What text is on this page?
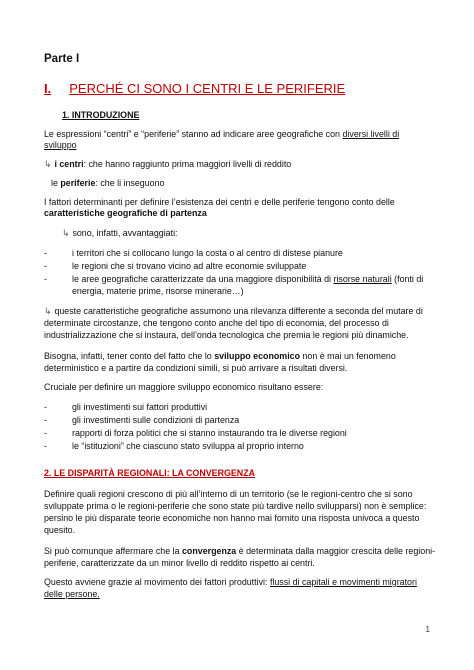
Parte I
I. PERCHÉ CI SONO I CENTRI E LE PERIFERIE
1. INTRODUZIONE
Le espressioni “centri” e “periferie” stanno ad indicare aree geografiche con diversi livelli di
sviluppo
↳ i centri: che hanno raggiunto prima maggiori livelli di reddito
le periferie: che li inseguono
I fattori determinanti per definire l’esistenza dei centri e delle periferie tengono conto delle
caratteristiche geografiche di partenza
↳ sono, infatti, avvantaggiati:
-	i territori che si collocano lungo la costa o al centro di distese pianure
-	le regioni che si trovano vicino ad altre economie sviluppate
-	le aree geografiche caratterizzate da una maggiore disponibilità di risorse naturali (fonti di
energia, materie prime, risorse minerarie…)
↳ queste caratteristiche geografiche assumono una rilevanza differente a seconda del mutare di
determinate circostanze, che tengono conto anche del tipo di economia, del processo di
industrializzazione che si instaura, dell’onda tecnologica che premia le regioni più dinamiche.
Bisogna, infatti, tener conto del fatto che lo sviluppo economico non è mai un fenomeno
deterministico e a partire da condizioni simili, si può arrivare a risultati diversi.
Cruciale per definire un maggiore sviluppo economico risultano essere:
-	gli investimenti sui fattori produttivi
-	gli investimenti sulle condizioni di partenza
-	rapporti di forza politici che si stanno instaurando tra le diverse regioni
-	le “istituzioni” che ciascuno stato sviluppa al proprio interno
2. LE DISPARITÀ REGIONALI: LA CONVERGENZA
Definire quali regioni crescono di più all’interno di un territorio (se le regioni-centro che si sono
sviluppate prima o le regioni-periferie che sono state più tardive nello svilupparsi) non è semplice:
persino le più disparate teorie economiche non hanno mai fornito una risposta univoca a questo
quesito.
Si può comunque affermare che la convergenza è determinata dalla maggior crescita delle regioni-
periferie, caratterizzate da un minor livello di reddito rispetto ai centri.
Questo avviene grazie al movimento dei fattori produttivi: flussi di capitali e movimenti migratori
delle persone.
1
